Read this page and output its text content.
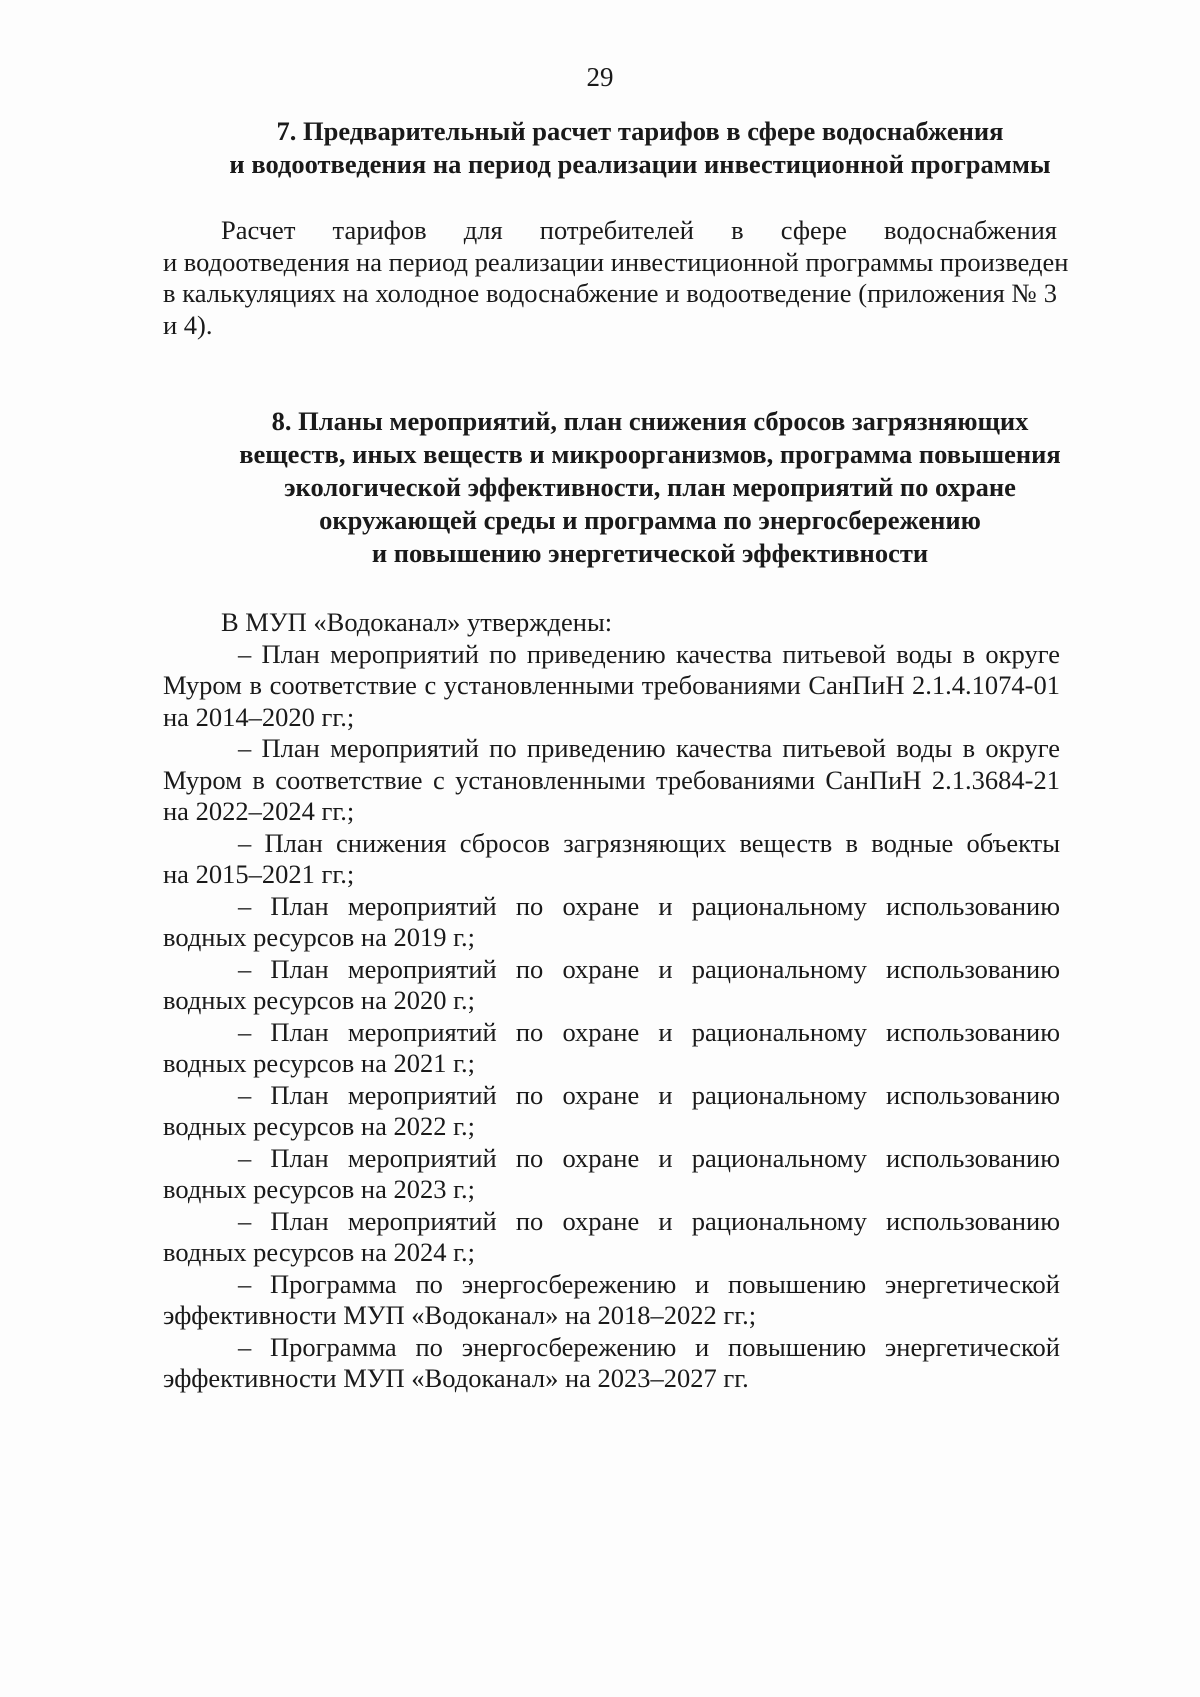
29
7. Предварительный расчет тарифов в сфере водоснабжения
и водоотведения на период реализации инвестиционной программы
Расчет тарифов для потребителей в сфере водоснабжения
и водоотведения на период реализации инвестиционной программы произведен
в калькуляциях на холодное водоснабжение и водоотведение (приложения № 3
и 4).
8. Планы мероприятий, план снижения сбросов загрязняющих
веществ, иных веществ и микроорганизмов, программа повышения
экологической эффективности, план мероприятий по охране
окружающей среды и программа по энергосбережению
и повышению энергетической эффективности
В МУП «Водоканал» утверждены:
– План мероприятий по приведению качества питьевой воды в округе
Муром в соответствие с установленными требованиями СанПиН 2.1.4.1074-01
на 2014–2020 гг.;
– План мероприятий по приведению качества питьевой воды в округе
Муром в соответствие с установленными требованиями СанПиН 2.1.3684-21
на 2022–2024 гг.;
– План снижения сбросов загрязняющих веществ в водные объекты
на 2015–2021 гг.;
– План мероприятий по охране и рациональному использованию
водных ресурсов на 2019 г.;
– План мероприятий по охране и рациональному использованию
водных ресурсов на 2020 г.;
– План мероприятий по охране и рациональному использованию
водных ресурсов на 2021 г.;
– План мероприятий по охране и рациональному использованию
водных ресурсов на 2022 г.;
– План мероприятий по охране и рациональному использованию
водных ресурсов на 2023 г.;
– План мероприятий по охране и рациональному использованию
водных ресурсов на 2024 г.;
– Программа по энергосбережению и повышению энергетической
эффективности МУП «Водоканал» на 2018–2022 гг.;
– Программа по энергосбережению и повышению энергетической
эффективности МУП «Водоканал» на 2023–2027 гг.
